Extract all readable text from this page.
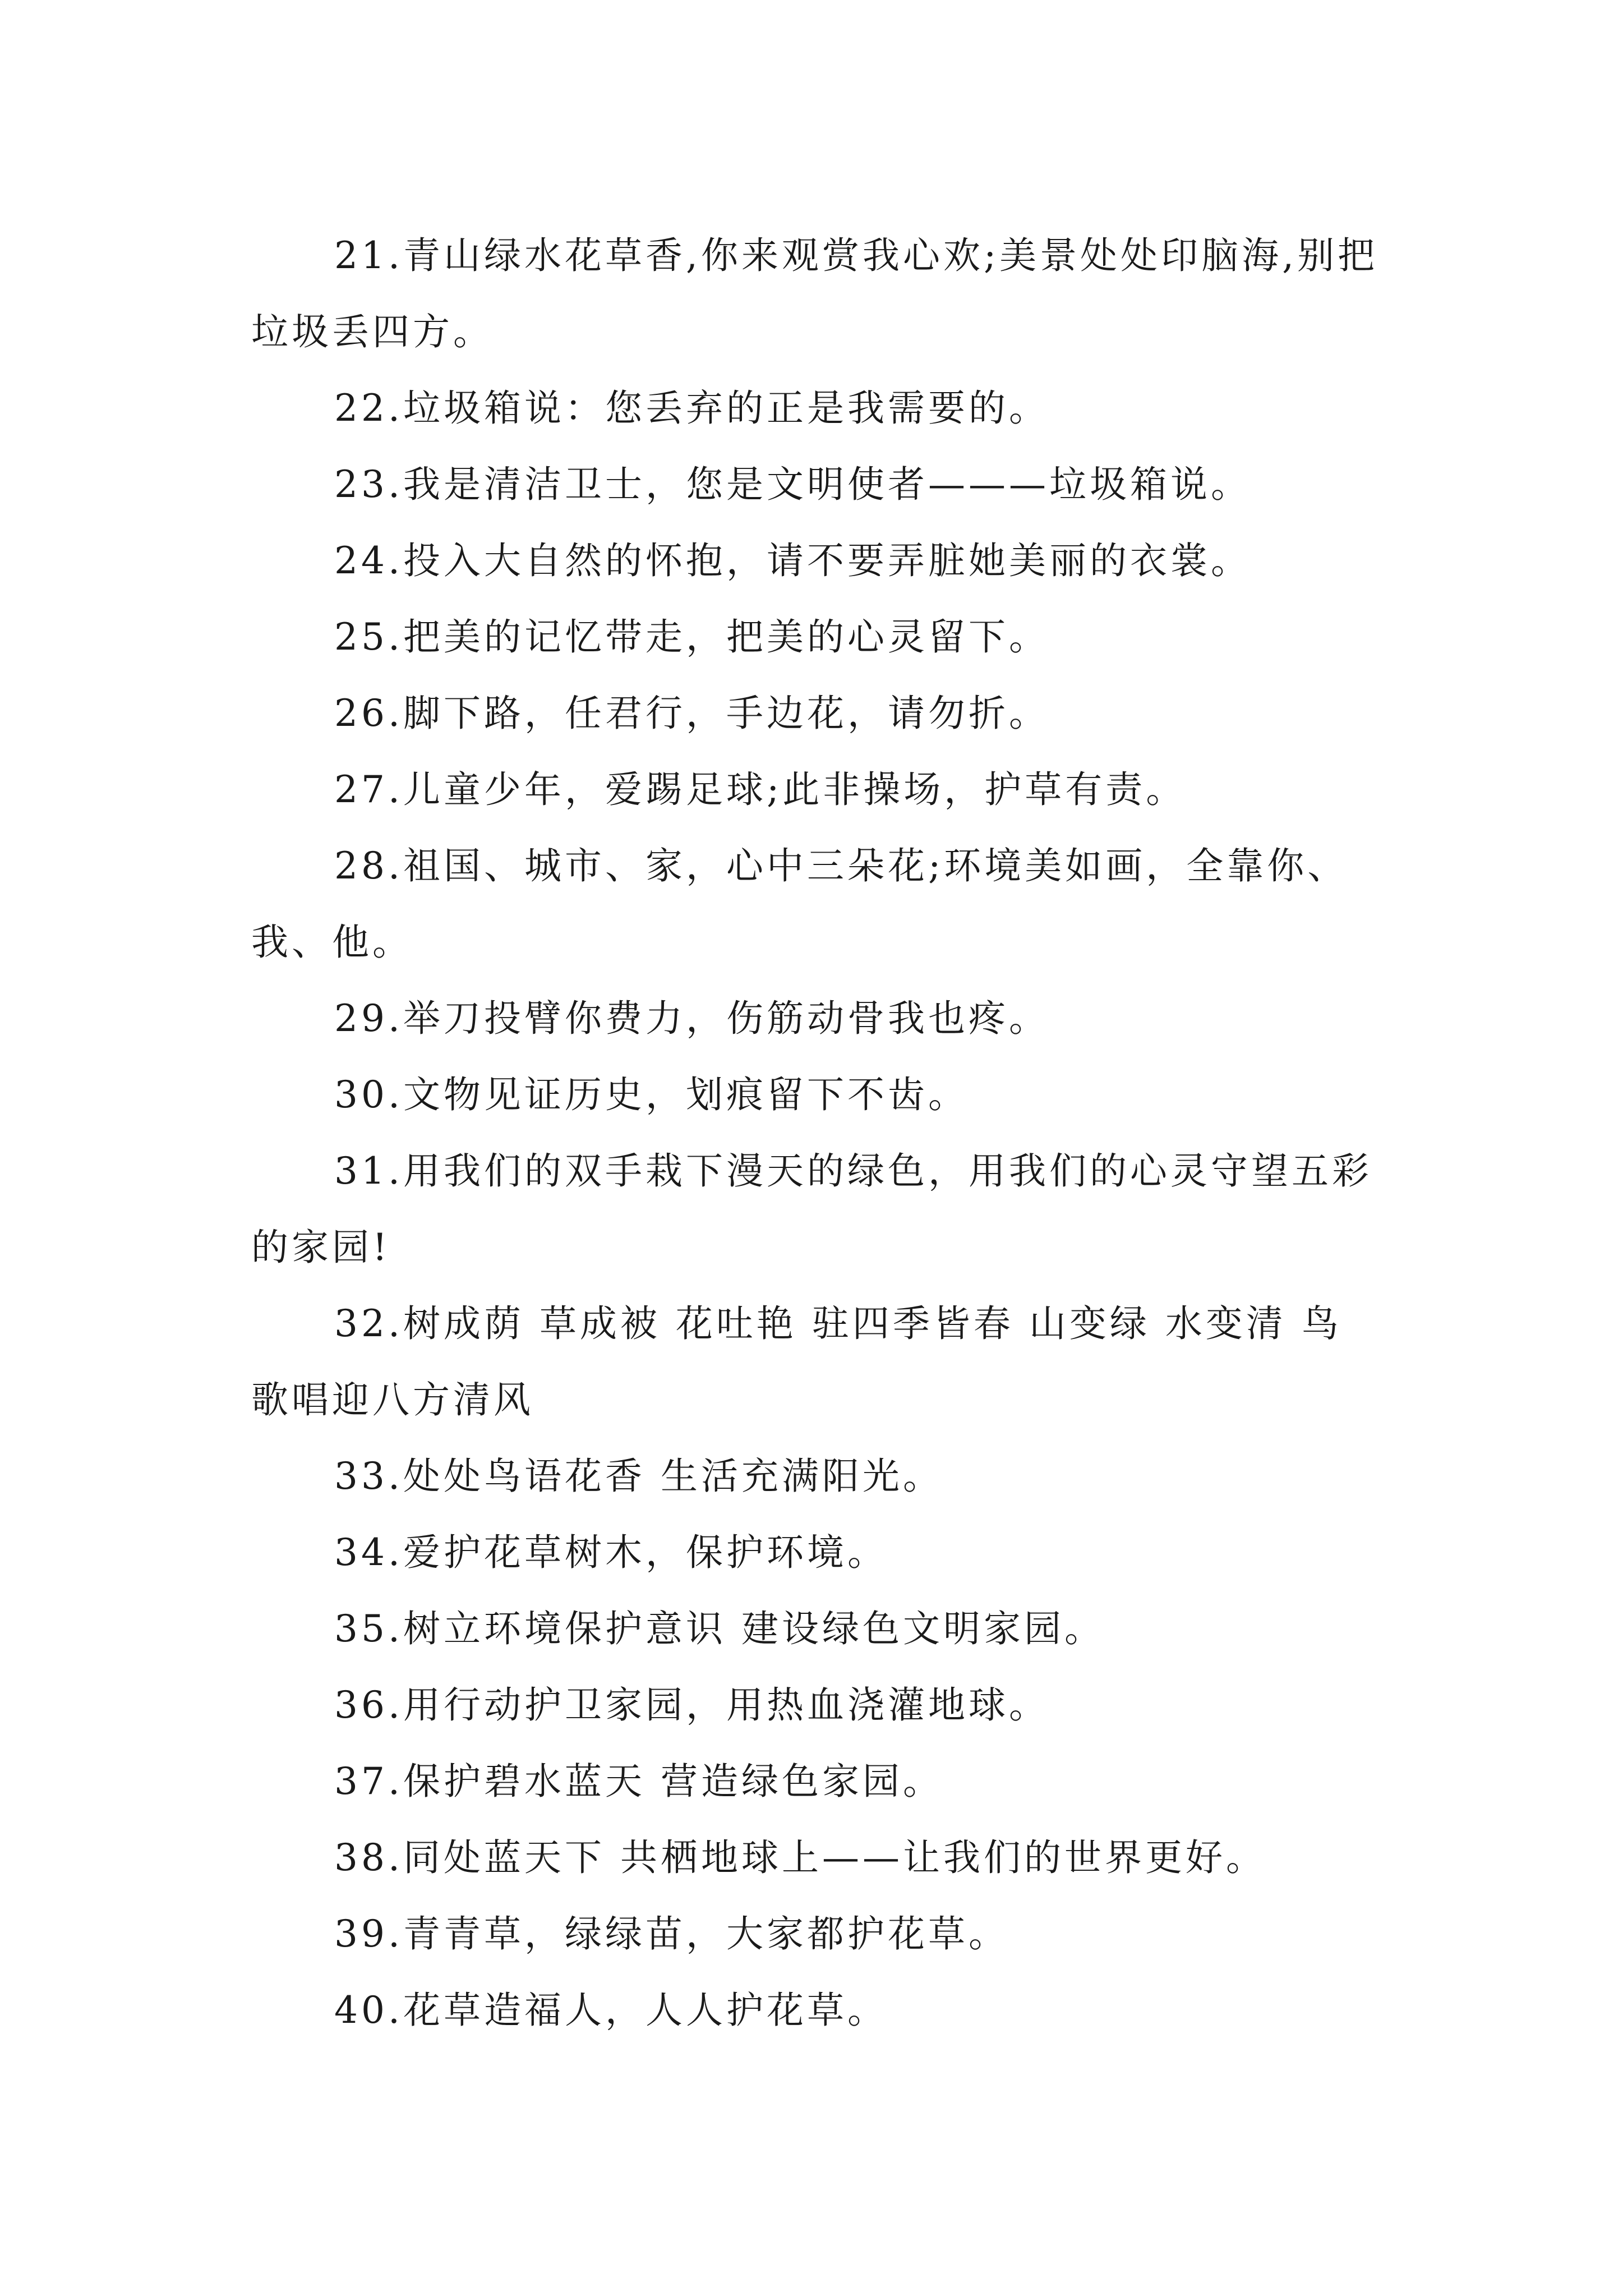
21.青山绿水花草香,你来观赏我心欢;美景处处印脑海,别把垃圾丢四方。

22.垃圾箱说：您丢弃的正是我需要的。

23.我是清洁卫士，您是文明使者———垃圾箱说。

24.投入大自然的怀抱，请不要弄脏她美丽的衣裳。

25.把美的记忆带走，把美的心灵留下。

26.脚下路，任君行，手边花，请勿折。

27.儿童少年，爱踢足球;此非操场，护草有责。

28.祖国、城市、家，心中三朵花;环境美如画，全靠你、我、他。

29.举刀投臂你费力，伤筋动骨我也疼。

30.文物见证历史，划痕留下不齿。

31.用我们的双手栽下漫天的绿色，用我们的心灵守望五彩的家园!

32.树成荫 草成被 花吐艳 驻四季皆春 山变绿 水变清 鸟歌唱迎八方清风

33.处处鸟语花香 生活充满阳光。

34.爱护花草树木，保护环境。

35.树立环境保护意识 建设绿色文明家园。

36.用行动护卫家园，用热血浇灌地球。

37.保护碧水蓝天 营造绿色家园。

38.同处蓝天下 共栖地球上——让我们的世界更好。

39.青青草，绿绿苗，大家都护花草。

40.花草造福人，人人护花草。
